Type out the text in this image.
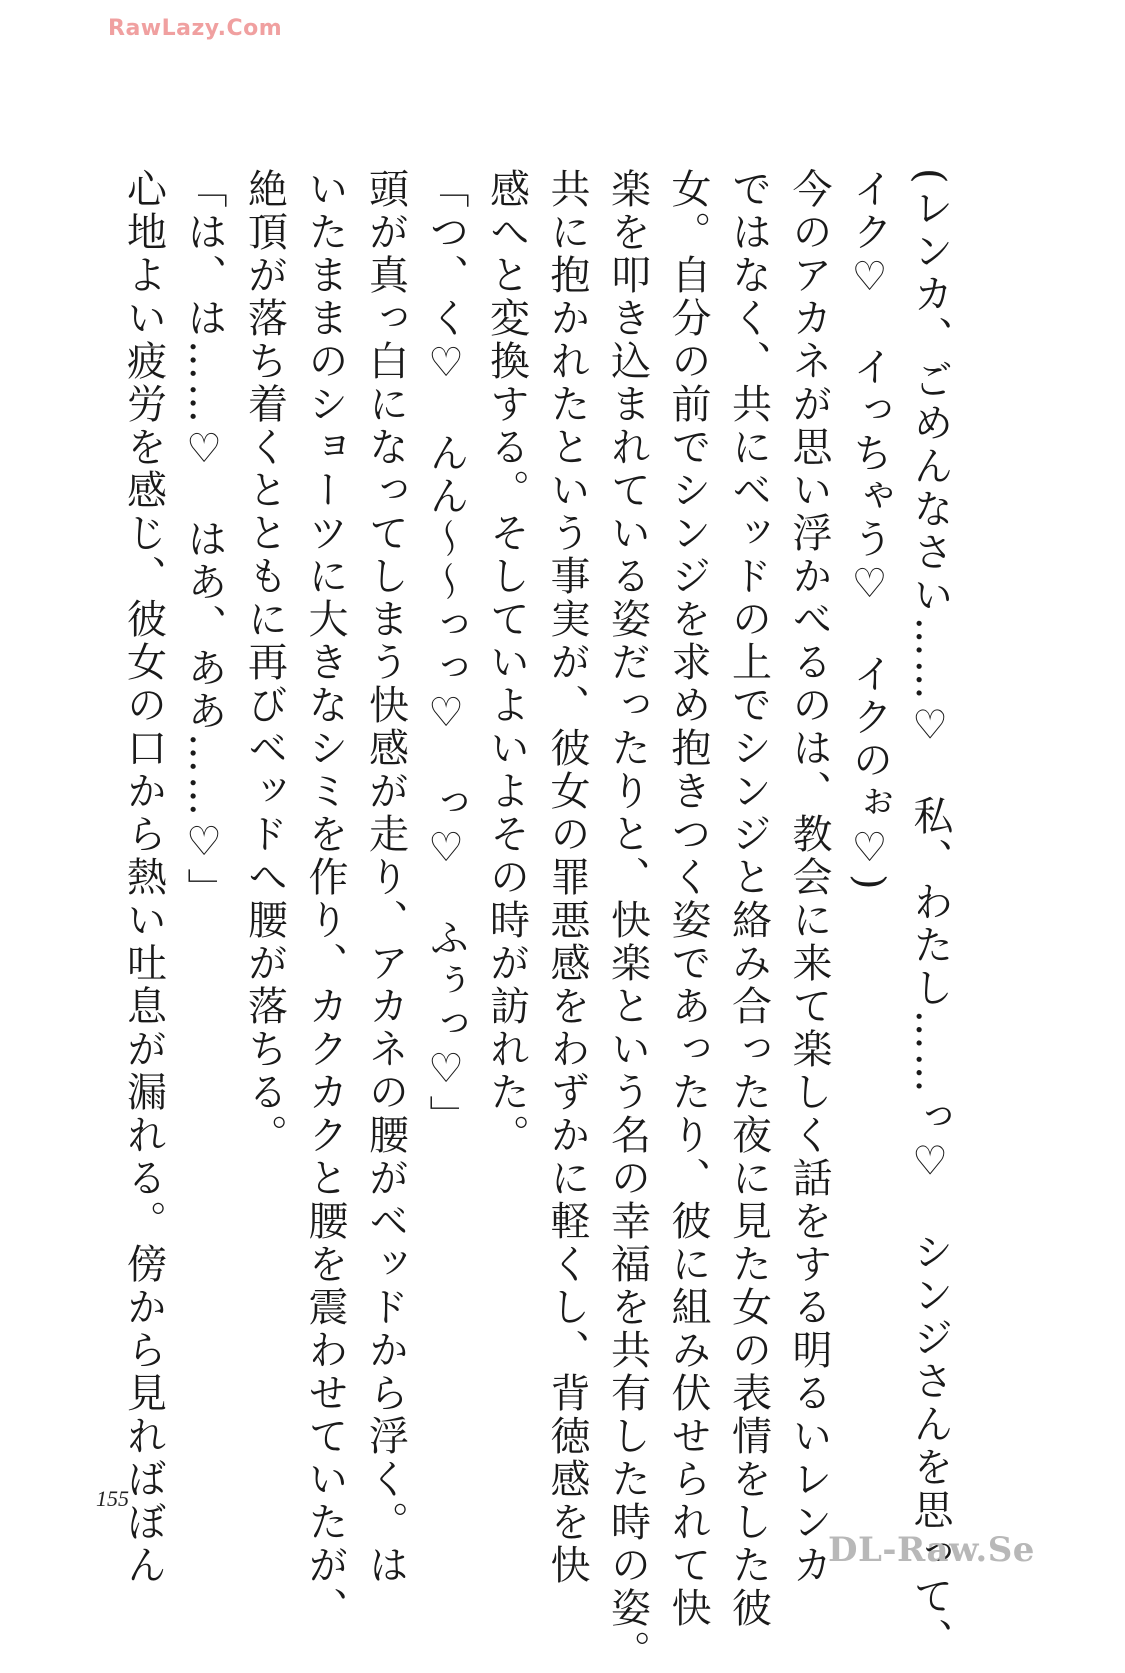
RawLazy.Com
(レンカ、ごめんなさい……♡　私、わたし……っ♡　シンジさんを思って、
イク♡　イっちゃう♡　イクのぉ♡)
今のアカネが思い浮かべるのは、教会に来て楽しく話をする明るいレンカ
ではなく、共にベッドの上でシンジと絡み合った夜に見た女の表情をした彼
女。自分の前でシンジを求め抱きつく姿であったり、彼に組み伏せられて快
楽を叩き込まれている姿だったりと、快楽という名の幸福を共有した時の姿。
共に抱かれたという事実が、彼女の罪悪感をわずかに軽くし、背徳感を快
感へと変換する。そしていよいよその時が訪れた。
「つ、く♡　んん〜〜っっ♡　っ♡　ふぅっ♡」
頭が真っ白になってしまう快感が走り、アカネの腰がベッドから浮く。は
いたままのショーツに大きなシミを作り、カクカクと腰を震わせていたが、
絶頂が落ち着くとともに再びベッドへ腰が落ちる。
「は、は……♡　はあ、ああ……♡」
心地よい疲労を感じ、彼女の口から熱い吐息が漏れる。傍から見ればぼん
155
DL-Raw.Se
